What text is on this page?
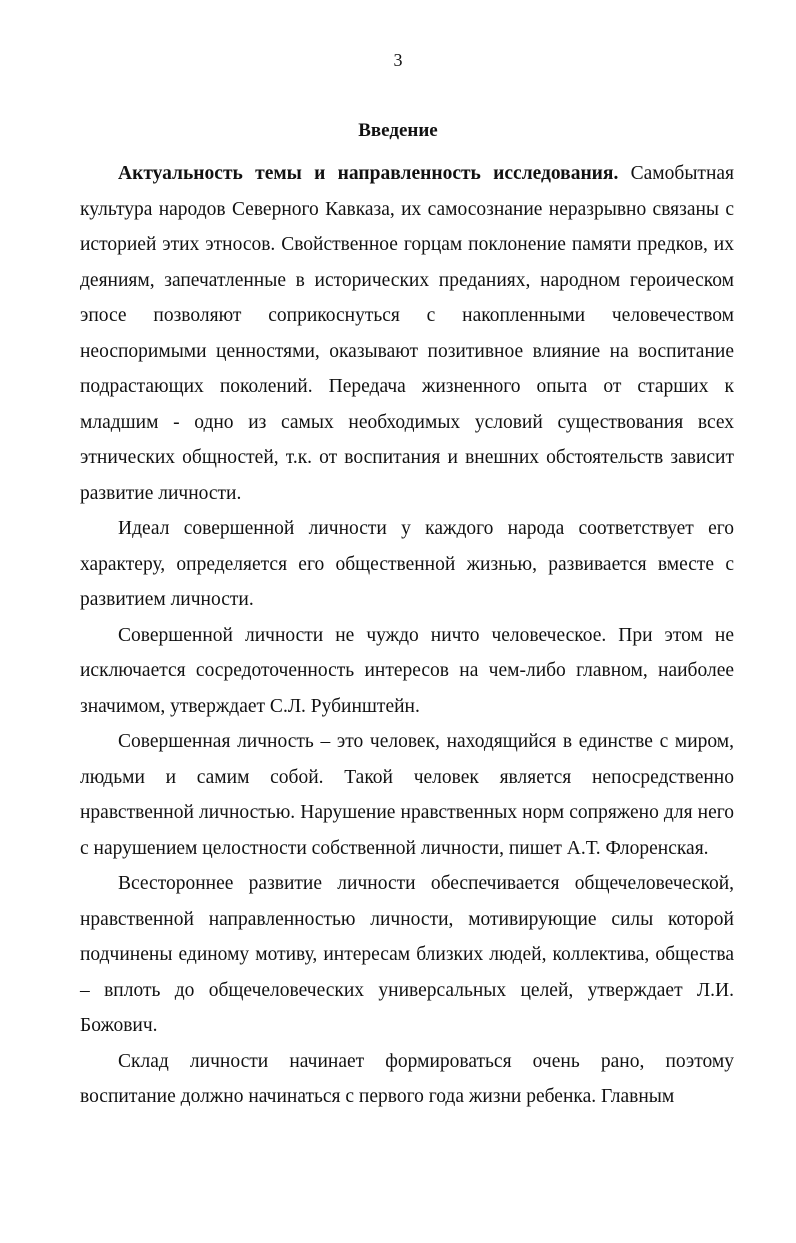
3
Введение

Актуальность темы и направленность исследования. Самобытная культура народов Северного Кавказа, их самосознание неразрывно связаны с историей этих этносов. Свойственное горцам поклонение памяти предков, их деяниям, запечатленные в исторических преданиях, народном героическом эпосе позволяют соприкоснуться с накопленными человечеством неоспоримыми ценностями, оказывают позитивное влияние на воспитание подрастающих поколений. Передача жизненного опыта от старших к младшим - одно из самых необходимых условий существования всех этнических общностей, т.к. от воспитания и внешних обстоятельств зависит развитие личности.

Идеал совершенной личности у каждого народа соответствует его характеру, определяется его общественной жизнью, развивается вместе с развитием личности.

Совершенной личности не чуждо ничто человеческое. При этом не исключается сосредоточенность интересов на чем-либо главном, наиболее значимом, утверждает С.Л. Рубинштейн.

Совершенная личность – это человек, находящийся в единстве с миром, людьми и самим собой. Такой человек является непосредственно нравственной личностью. Нарушение нравственных норм сопряжено для него с нарушением целостности собственной личности, пишет А.Т. Флоренская.

Всестороннее развитие личности обеспечивается общечеловеческой, нравственной направленностью личности, мотивирующие силы которой подчинены единому мотиву, интересам близких людей, коллектива, общества – вплоть до общечеловеческих универсальных целей, утверждает Л.И. Божович.

Склад личности начинает формироваться очень рано, поэтому воспитание должно начинаться с первого года жизни ребенка. Главным
